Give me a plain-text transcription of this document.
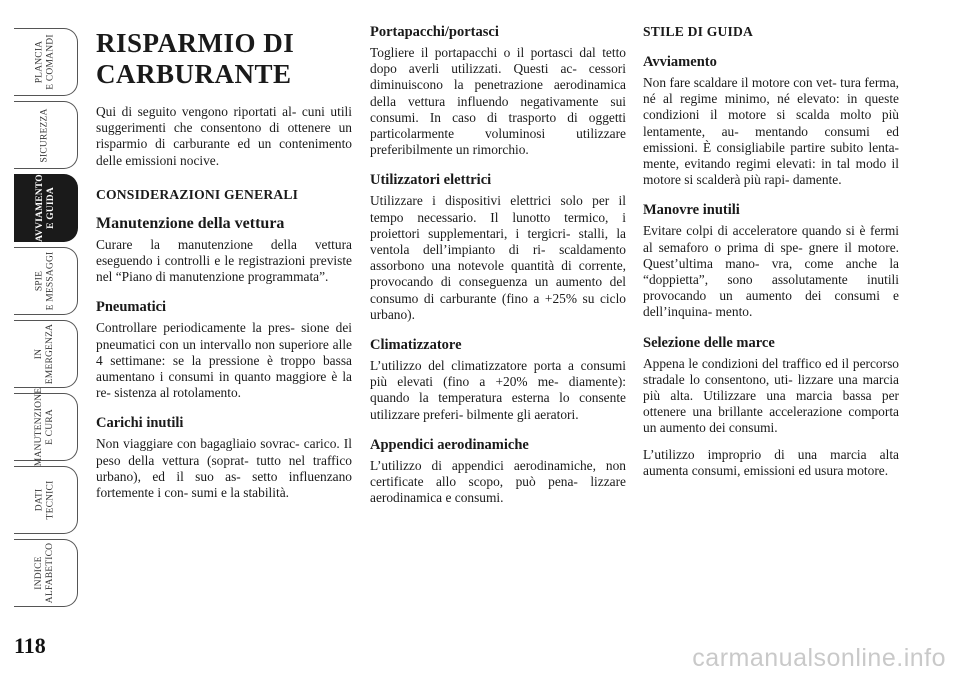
PLANCIA E COMANDI
SICUREZZA
AVVIAMENTO E GUIDA
SPIE E MESSAGGI
IN EMERGENZA
MANUTENZIONE E CURA
DATI TECNICI
INDICE ALFABETICO
118
RISPARMIO DI
CARBURANTE

Qui di seguito vengono riportati al- cuni utili suggerimenti che consentono di ottenere un risparmio di carburante ed un contenimento delle emissioni nocive.

CONSIDERAZIONI GENERALI
Manutenzione della vettura

Curare la manutenzione della vettura eseguendo i controlli e le registrazioni previste nel “Piano di manutenzione programmata”.

Pneumatici

Controllare periodicamente la pres- sione dei pneumatici con un intervallo non superiore alle 4 settimane: se la pressione è troppo bassa aumentano i consumi in quanto maggiore è la re- sistenza al rotolamento.

Carichi inutili

Non viaggiare con bagagliaio sovrac- carico. Il peso della vettura (soprat- tutto nel traffico urbano), ed il suo as- setto influenzano fortemente i con- sumi e la stabilità.

Portapacchi/portasci

Togliere il portapacchi o il portasci dal tetto dopo averli utilizzati. Questi ac- cessori diminuiscono la penetrazione aerodinamica della vettura influendo negativamente sui consumi. In caso di trasporto di oggetti particolarmente voluminosi utilizzare preferibilmente un rimorchio.

Utilizzatori elettrici

Utilizzare i dispositivi elettrici solo per il tempo necessario. Il lunotto termico, i proiettori supplementari, i tergicri- stalli, la ventola dell’impianto di ri- scaldamento assorbono una notevole quantità di corrente, provocando di conseguenza un aumento del consumo di carburante (fino a +25% su ciclo urbano).

Climatizzatore

L’utilizzo del climatizzatore porta a consumi più elevati (fino a +20% me- diamente): quando la temperatura esterna lo consente utilizzare preferi- bilmente gli aeratori.

Appendici aerodinamiche

L’utilizzo di appendici aerodinamiche, non certificate allo scopo, può pena- lizzare aerodinamica e consumi.

STILE DI GUIDA
Avviamento

Non fare scaldare il motore con vet- tura ferma, né al regime minimo, né elevato: in queste condizioni il motore si scalda molto più lentamente, au- mentando consumi ed emissioni. È consigliabile partire subito lenta- mente, evitando regimi elevati: in tal modo il motore si scalderà più rapi- damente.

Manovre inutili

Evitare colpi di acceleratore quando si è fermi al semaforo o prima di spe- gnere il motore. Quest’ultima mano- vra, come anche la “doppietta”, sono assolutamente inutili provocando un aumento dei consumi e dell’inquina- mento.

Selezione delle marce

Appena le condizioni del traffico ed il percorso stradale lo consentono, uti- lizzare una marcia più alta. Utilizzare una marcia bassa per ottenere una brillante accelerazione comporta un aumento dei consumi.

L’utilizzo improprio di una marcia alta aumenta consumi, emissioni ed usura motore.

carmanualsonline.info
